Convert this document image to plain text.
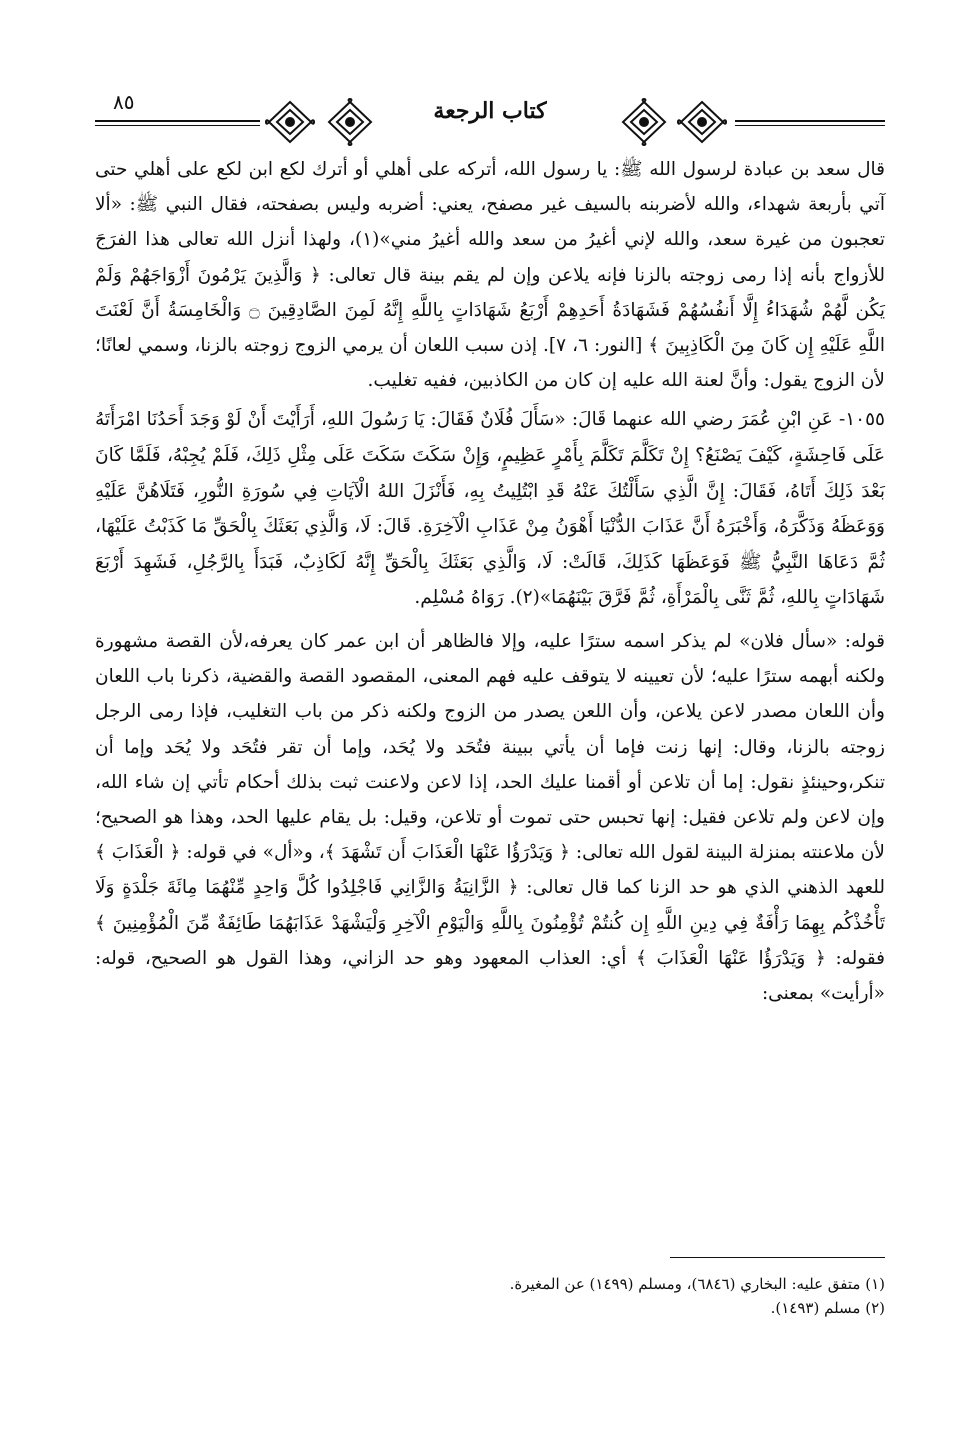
٨٥	كتاب الرجعة

قال سعد بن عبادة لرسول الله ﷺ: يا رسول الله، أتركه على أهلي أو أترك لكع ابن لكع على أهلي حتى آتي بأربعة شهداء، والله لأضربنه بالسيف غير مصفح، يعني: أضربه وليس بصفحته، فقال النبي ﷺ: «ألا تعجبون من غيرة سعد، والله لإني أغيرُ من سعد والله أغيرُ مني»(١)، ولهذا أنزل الله تعالى هذا الفرَجَ للأزواج بأنه إذا رمى زوجته بالزنا فإنه يلاعن وإن لم يقم بينة قال تعالى: ﴿ وَالَّذِينَ يَرْمُونَ أَزْوَاجَهُمْ وَلَمْ يَكُن لَّهُمْ شُهَدَاءُ إِلَّا أَنفُسُهُمْ فَشَهَادَةُ أَحَدِهِمْ أَرْبَعُ شَهَادَاتٍ بِاللَّهِ إِنَّهُ لَمِنَ الصَّادِقِينَ ۝ وَالْخَامِسَةُ أَنَّ لَعْنَتَ اللَّهِ عَلَيْهِ إِن كَانَ مِنَ الْكَاذِبِينَ ﴾ [النور: ٦، ٧]. إذن سبب اللعان أن يرمي الزوج زوجته بالزنا، وسمي لعانًا؛ لأن الزوج يقول: وأنَّ لعنة الله عليه إن كان من الكاذبين، ففيه تغليب.

١٠٥٥- عَنِ ابْنِ عُمَرَ رضي الله عنهما قَالَ: «سَأَلَ فُلَانٌ فَقَالَ: يَا رَسُولَ اللهِ، أَرَأَيْتَ أَنْ لَوْ وَجَدَ أَحَدُنَا امْرَأَتَهُ عَلَى فَاحِشَةٍ، كَيْفَ يَصْنَعُ؟ إِنْ تَكَلَّمَ تَكَلَّمَ بِأَمْرٍ عَظِيمٍ، وَإِنْ سَكَتَ سَكَتَ عَلَى مِثْلِ ذَلِكَ، فَلَمْ يُجِبْهُ، فَلَمَّا كَانَ بَعْدَ ذَلِكَ أَتَاهُ، فَقَالَ: إِنَّ الَّذِي سَأَلْتُكَ عَنْهُ قَدِ ابْتُلِيتُ بِهِ، فَأَنْزَلَ اللهُ الْآيَاتِ فِي سُورَةِ النُّورِ، فَتَلَاهُنَّ عَلَيْهِ وَوَعَظَهُ وَذَكَّرَهُ، وَأَخْبَرَهُ أَنَّ عَذَابَ الدُّنْيَا أَهْوَنُ مِنْ عَذَابِ الْآخِرَةِ. قَالَ: لَا، وَالَّذِي بَعَثَكَ بِالْحَقِّ مَا كَذَبْتُ عَلَيْهَا، ثُمَّ دَعَاهَا النَّبِيُّ ﷺ فَوَعَظَهَا كَذَلِكَ، قَالَتْ: لَا، وَالَّذِي بَعَثَكَ بِالْحَقِّ إِنَّهُ لَكَاذِبٌ، فَبَدَأَ بِالرَّجُلِ، فَشَهِدَ أَرْبَعَ شَهَادَاتٍ بِاللهِ، ثُمَّ ثَنَّى بِالْمَرْأَةِ، ثُمَّ فَرَّقَ بَيْنَهُمَا»(٢). رَوَاهُ مُسْلِم.

قوله: «سأل فلان» لم يذكر اسمه سترًا عليه، وإلا فالظاهر أن ابن عمر كان يعرفه،لأن القصة مشهورة ولكنه أبهمه سترًا عليه؛ لأن تعيينه لا يتوقف عليه فهم المعنى، المقصود القصة والقضية، ذكرنا باب اللعان وأن اللعان مصدر لاعن يلاعن، وأن اللعن يصدر من الزوج ولكنه ذكر من باب التغليب، فإذا رمى الرجل زوجته بالزنا، وقال: إنها زنت فإما أن يأتي ببينة فتُحَد ولا يُحَد، وإما أن تقر فتُحَد ولا يُحَد وإما أن تنكر،وحينئذٍ نقول: إما أن تلاعن أو أقمنا عليك الحد، إذا لاعن ولاعنت ثبت بذلك أحكام تأتي إن شاء الله، وإن لاعن ولم تلاعن فقيل: إنها تحبس حتى تموت أو تلاعن، وقيل: بل يقام عليها الحد، وهذا هو الصحيح؛لأن ملاعنته بمنزلة البينة لقول الله تعالى: ﴿ وَيَدْرَؤُا عَنْهَا الْعَذَابَ أَن تَشْهَدَ ﴾، و«أل» في قوله: ﴿ الْعَذَابَ ﴾ للعهد الذهني الذي هو حد الزنا كما قال تعالى: ﴿ الزَّانِيَةُ وَالزَّانِي فَاجْلِدُوا كُلَّ وَاحِدٍ مِّنْهُمَا مِائَةَ جَلْدَةٍ وَلَا تَأْخُذْكُم بِهِمَا رَأْفَةٌ فِي دِينِ اللَّهِ إِن كُنتُمْ تُؤْمِنُونَ بِاللَّهِ وَالْيَوْمِ الْآخِرِ وَلْيَشْهَدْ عَذَابَهُمَا طَائِفَةٌ مِّنَ الْمُؤْمِنِينَ ﴾ فقوله: ﴿ وَيَدْرَؤُا عَنْهَا الْعَذَابَ ﴾ أي: العذاب المعهود وهو حد الزاني، وهذا القول هو الصحيح، قوله: «أرأيت» بمعنى:

(١) متفق عليه: البخاري (٦٨٤٦)، ومسلم (١٤٩٩) عن المغيرة.

(٢) مسلم (١٤٩٣).
